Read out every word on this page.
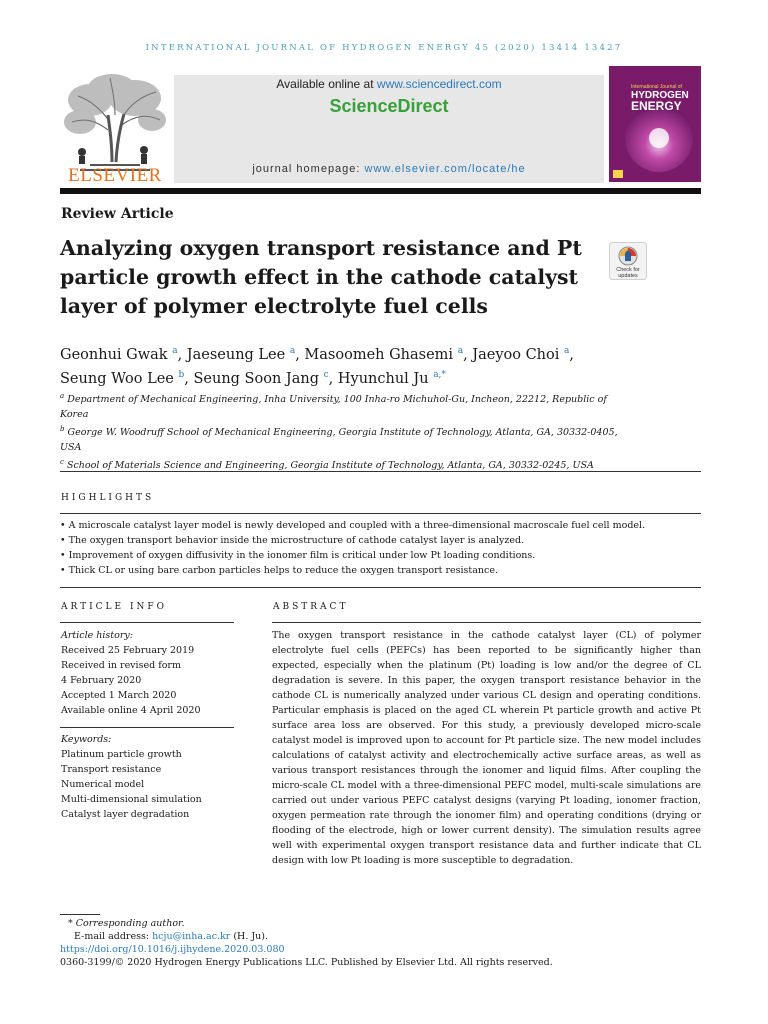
INTERNATIONAL JOURNAL OF HYDROGEN ENERGY 45 (2020) 13414 13427
ELSEVIER
Available online at www.sciencedirect.com
ScienceDirect
journal homepage: www.elsevier.com/locate/he
International Journal of
HYDROGEN
ENERGY
Review Article
Analyzing oxygen transport resistance and Pt particle growth effect in the cathode catalyst layer of polymer electrolyte fuel cells
Check for
updates
Geonhui Gwak $^a$, Jaeseung Lee $^a$, Masoomeh Ghasemi $^a$, Jaeyoo Choi $^a$,
Seung Woo Lee $^b$, Seung Soon Jang $^c$, Hyunchul Ju $^{a,*}$
$^a$ Department of Mechanical Engineering, Inha University, 100 Inha-ro Michuhol-Gu, Incheon, 22212, Republic of Korea
$^b$ George W. Woodruff School of Mechanical Engineering, Georgia Institute of Technology, Atlanta, GA, 30332-0405, USA
$^c$ School of Materials Science and Engineering, Georgia Institute of Technology, Atlanta, GA, 30332-0245, USA
HIGHLIGHTS
• A microscale catalyst layer model is newly developed and coupled with a three-dimensional macroscale fuel cell model.
• The oxygen transport behavior inside the microstructure of cathode catalyst layer is analyzed.
• Improvement of oxygen diffusivity in the ionomer film is critical under low Pt loading conditions.
• Thick CL or using bare carbon particles helps to reduce the oxygen transport resistance.
ARTICLE INFO	ABSTRACT
Article history:
Received 25 February 2019
Received in revised form
4 February 2020
Accepted 1 March 2020
Available online 4 April 2020
Keywords:
Platinum particle growth
Transport resistance
Numerical model
Multi-dimensional simulation
Catalyst layer degradation
The oxygen transport resistance in the cathode catalyst layer (CL) of polymer electrolyte fuel cells (PEFCs) has been reported to be significantly higher than expected, especially when the platinum (Pt) loading is low and/or the degree of CL degradation is severe. In this paper, the oxygen transport resistance behavior in the cathode CL is numerically analyzed under various CL design and operating conditions. Particular emphasis is placed on the aged CL wherein Pt particle growth and active Pt surface area loss are observed. For this study, a previously developed micro-scale catalyst model is improved upon to account for Pt particle size. The new model includes calculations of catalyst activity and electrochemically active surface areas, as well as various transport resistances through the ionomer and liquid films. After coupling the micro-scale CL model with a three-dimensional PEFC model, multi-scale simulations are carried out under various PEFC catalyst designs (varying Pt loading, ionomer fraction, oxygen permeation rate through the ionomer film) and operating conditions (drying or flooding of the electrode, high or lower current density). The simulation results agree well with experimental oxygen transport resistance data and further indicate that CL design with low Pt loading is more susceptible to degradation.
* Corresponding author.
E-mail address: hcju@inha.ac.kr (H. Ju).
https://doi.org/10.1016/j.ijhydene.2020.03.080
0360-3199/© 2020 Hydrogen Energy Publications LLC. Published by Elsevier Ltd. All rights reserved.
